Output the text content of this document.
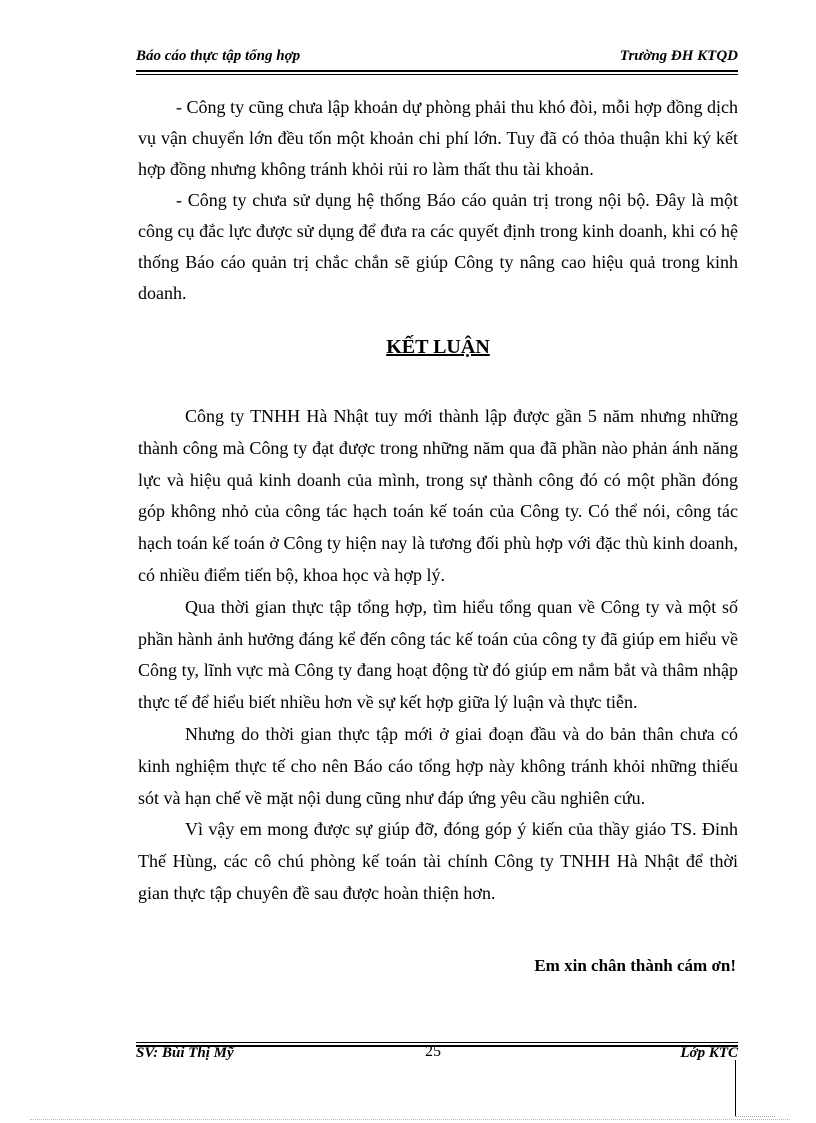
Báo cáo thực tập tổng hợp	Trường ĐH KTQD

- Công ty cũng chưa lập khoản dự phòng phải thu khó đòi, mỗi hợp đồng dịch vụ vận chuyển lớn đều tốn một khoản chi phí lớn. Tuy đã có thỏa thuận khi ký kết hợp đồng nhưng không tránh khỏi rủi ro làm thất thu tài khoản.

- Công ty chưa sử dụng hệ thống Báo cáo quản trị trong nội bộ. Đây là một công cụ đắc lực được sử dụng để đưa ra các quyết định trong kinh doanh, khi có hệ thống Báo cáo quản trị chắc chắn sẽ giúp Công ty nâng cao hiệu quả trong kinh doanh.

KẾT LUẬN

Công ty TNHH Hà Nhật tuy mới thành lập được gần 5 năm nhưng những thành công mà Công ty đạt được trong những năm qua đã phần nào phản ánh năng lực và hiệu quả kinh doanh của mình, trong sự thành công đó có một phần đóng góp không nhỏ của công tác hạch toán kế toán của Công ty. Có thể nói, công tác hạch toán kế toán ở Công ty hiện nay là tương đối phù hợp với đặc thù kinh doanh, có nhiều điểm tiến bộ, khoa học và hợp lý.

Qua thời gian thực tập tổng hợp, tìm hiểu tổng quan về Công ty và một số phần hành ảnh hưởng đáng kể đến công tác kế toán của công ty đã giúp em hiểu về Công ty, lĩnh vực mà Công ty đang hoạt động từ đó giúp em nắm bắt và thâm nhập thực tế để hiểu biết nhiều hơn về sự kết hợp giữa lý luận và thực tiễn.

Nhưng do thời gian thực tập mới ở giai đoạn đầu và do bản thân chưa có kinh nghiệm thực tế cho nên Báo cáo tổng hợp này không tránh khỏi những thiếu sót và hạn chế về mặt nội dung cũng như đáp ứng yêu cầu nghiên cứu.

Vì vậy em mong được sự giúp đỡ, đóng góp ý kiến của thầy giáo TS. Đinh Thế Hùng, các cô chú phòng kế toán tài chính Công ty TNHH Hà Nhật để thời gian thực tập chuyên đề sau được hoàn thiện hơn.

Em xin chân thành cám ơn!
SV: Bùi Thị Mỹ	25	Lớp KTC
